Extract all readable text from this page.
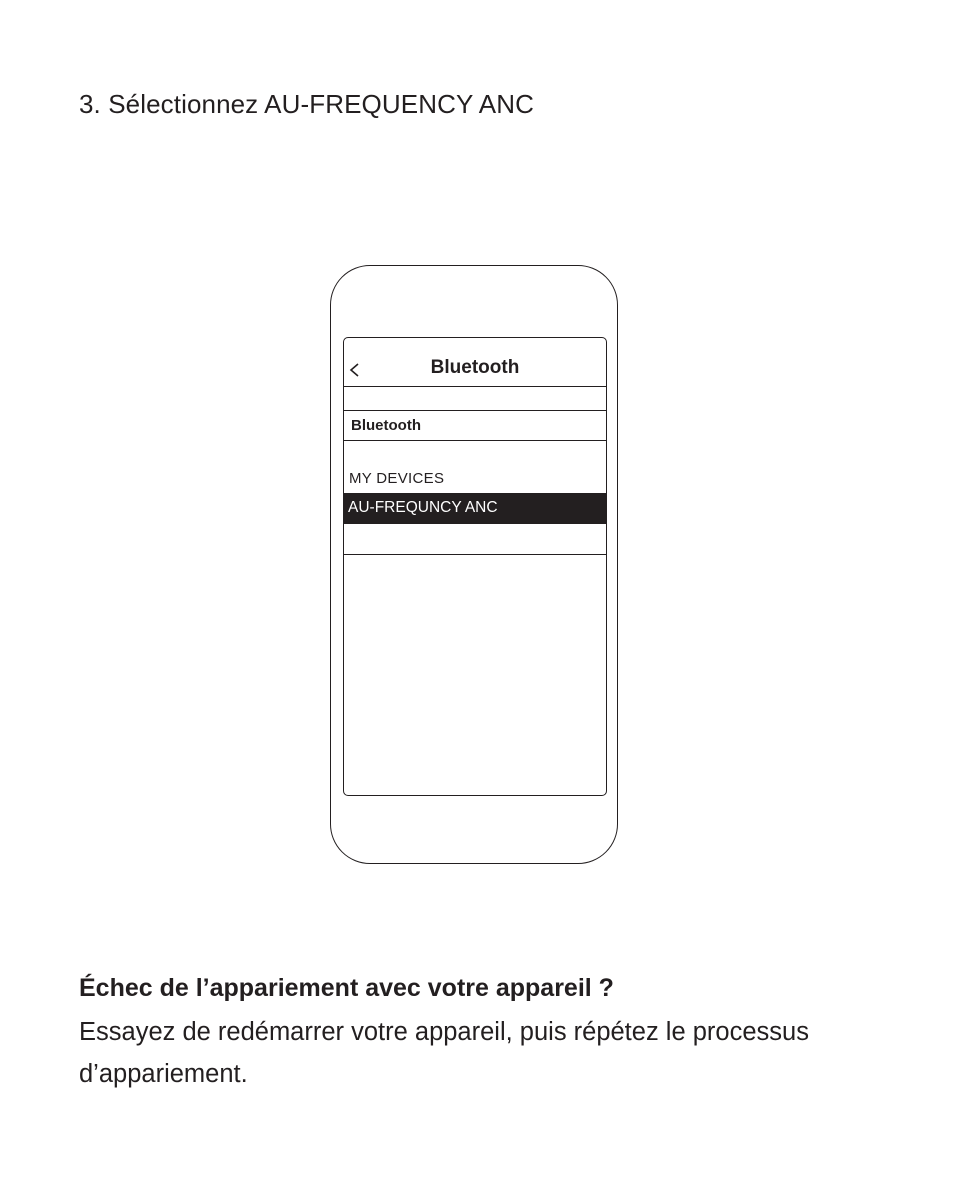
3. Sélectionnez AU-FREQUENCY ANC
Bluetooth
Bluetooth
MY DEVICES
AU-FREQUNCY ANC
Échec de l’appariement avec votre appareil ?

Essayez de redémarrer votre appareil, puis répétez le processus d’appariement.
